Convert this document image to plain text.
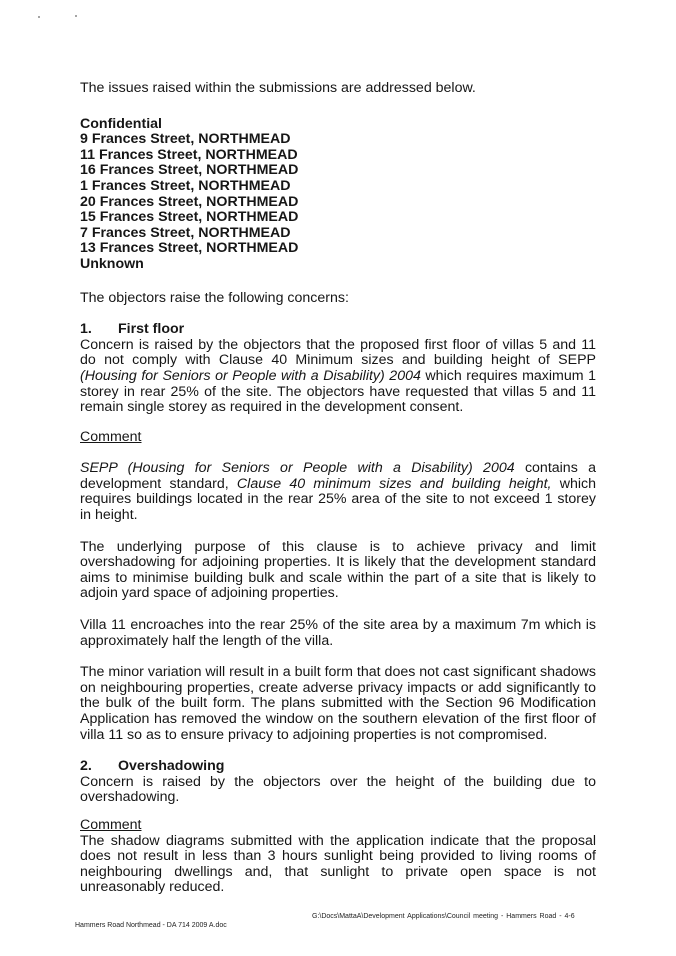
The issues raised within the submissions are addressed below.

Confidential
9 Frances Street, NORTHMEAD
11 Frances Street, NORTHMEAD
16 Frances Street, NORTHMEAD
1 Frances Street, NORTHMEAD
20 Frances Street, NORTHMEAD
15 Frances Street, NORTHMEAD
7 Frances Street, NORTHMEAD
13 Frances Street, NORTHMEAD
Unknown

The objectors raise the following concerns:

1. First floor

Concern is raised by the objectors that the proposed first floor of villas 5 and 11 do not comply with Clause 40 Minimum sizes and building height of SEPP (Housing for Seniors or People with a Disability) 2004 which requires maximum 1 storey in rear 25% of the site. The objectors have requested that villas 5 and 11 remain single storey as required in the development consent.

Comment

SEPP (Housing for Seniors or People with a Disability) 2004 contains a development standard, Clause 40 minimum sizes and building height, which requires buildings located in the rear 25% area of the site to not exceed 1 storey in height.

The underlying purpose of this clause is to achieve privacy and limit overshadowing for adjoining properties. It is likely that the development standard aims to minimise building bulk and scale within the part of a site that is likely to adjoin yard space of adjoining properties.

Villa 11 encroaches into the rear 25% of the site area by a maximum 7m which is approximately half the length of the villa.

The minor variation will result in a built form that does not cast significant shadows on neighbouring properties, create adverse privacy impacts or add significantly to the bulk of the built form. The plans submitted with the Section 96 Modification Application has removed the window on the southern elevation of the first floor of villa 11 so as to ensure privacy to adjoining properties is not compromised.

2. Overshadowing

Concern is raised by the objectors over the height of the building due to overshadowing.

Comment

The shadow diagrams submitted with the application indicate that the proposal does not result in less than 3 hours sunlight being provided to living rooms of neighbouring dwellings and, that sunlight to private open space is not unreasonably reduced.

G:\Docs\MattaA\Development Applications\Council meeting - Hammers Road - 4-6
Hammers Road Northmead - DA 714 2009 A.doc
